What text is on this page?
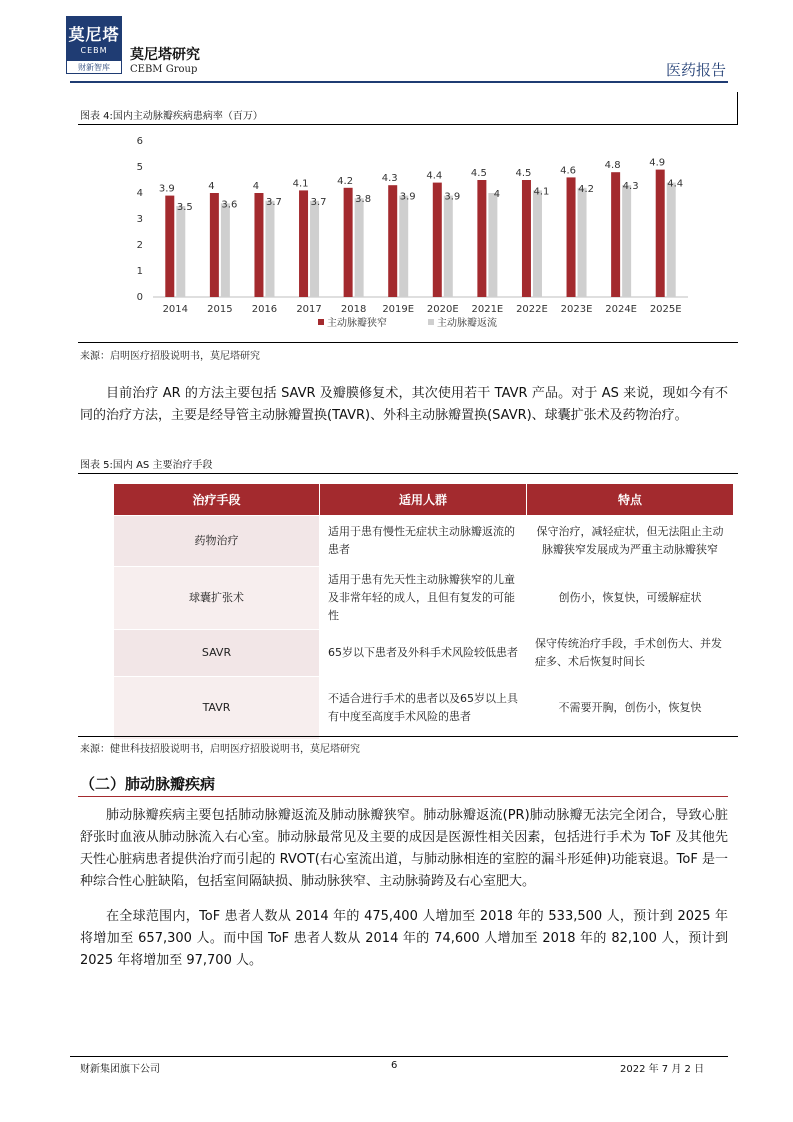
莫尼塔
CEBM
财新智库
莫尼塔研究
CEBM Group	医药报告
图表 4:国内主动脉瓣疾病患病率（百万）
0
1
2
3
4
5
6
3.9
3.5
2014
4
3.6
2015
4
3.7
2016
4.1
3.7
2017
4.2
3.8
2018
4.3
3.9
2019E
4.4
3.9
2020E
4.5
4
2021E
4.5
4.1
2022E
4.6
4.2
2023E
4.8
4.3
2024E
4.9
4.4
2025E
主动脉瓣狭窄	主动脉瓣返流
来源：启明医疗招股说明书，莫尼塔研究
目前治疗 AR 的方法主要包括 SAVR 及瓣膜修复术，其次使用若干 TAVR 产品。对于 AS 来说，现如今有不同的治疗方法，主要是经导管主动脉瓣置换(TAVR)、外科主动脉瓣置换(SAVR)、球囊扩张术及药物治疗。
图表 5:国内 AS 主要治疗手段
治疗手段	适用人群	特点
药物治疗	适用于患有慢性无症状主动脉瓣返流的患者	保守治疗，减轻症状，但无法阻止主动脉瓣狭窄发展成为严重主动脉瓣狭窄
球囊扩张术	适用于患有先天性主动脉瓣狭窄的儿童及非常年轻的成人，且但有复发的可能性	创伤小，恢复快，可缓解症状
SAVR	65岁以下患者及外科手术风险较低患者	保守传统治疗手段，手术创伤大、并发症多、术后恢复时间长
TAVR	不适合进行手术的患者以及65岁以上具有中度至高度手术风险的患者	不需要开胸，创伤小，恢复快
来源：健世科技招股说明书，启明医疗招股说明书，莫尼塔研究
（二）肺动脉瓣疾病
肺动脉瓣疾病主要包括肺动脉瓣返流及肺动脉瓣狭窄。肺动脉瓣返流(PR)肺动脉瓣无法完全闭合，导致心脏舒张时血液从肺动脉流入右心室。肺动脉最常见及主要的成因是医源性相关因素，包括进行手术为 ToF 及其他先天性心脏病患者提供治疗而引起的 RVOT(右心室流出道，与肺动脉相连的室腔的漏斗形延伸)功能衰退。ToF 是一种综合性心脏缺陷，包括室间隔缺损、肺动脉狭窄、主动脉骑跨及右心室肥大。
在全球范围内，ToF 患者人数从 2014 年的 475,400 人增加至 2018 年的 533,500 人，预计到 2025 年将增加至 657,300 人。而中国 ToF 患者人数从 2014 年的 74,600 人增加至 2018 年的 82,100 人，预计到 2025 年将增加至 97,700 人。
财新集团旗下公司	6	2022 年 7 月 2 日
